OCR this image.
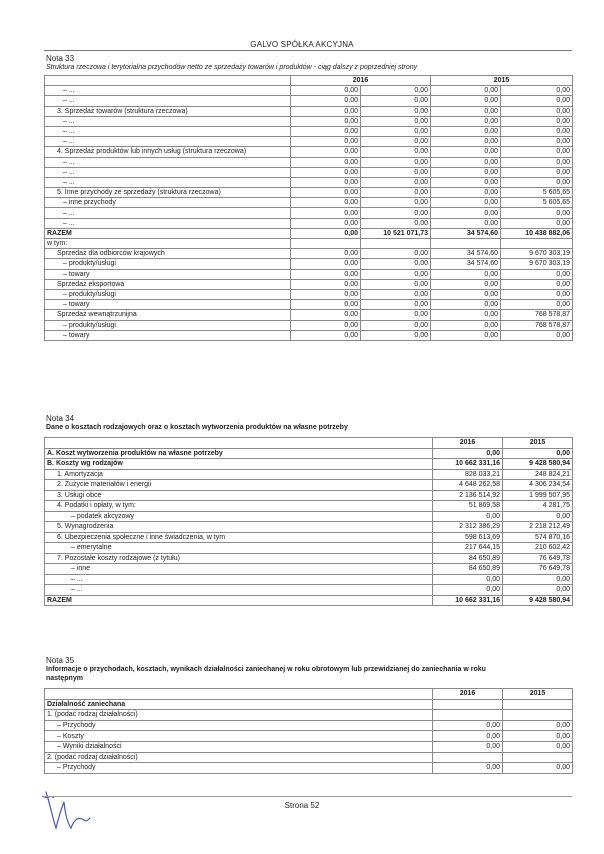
GALVO SPÓŁKA AKCYJNA
Nota 33
Struktura rzeczowa i terytorialna przychodów netto ze sprzedaży towarów i produktów - ciąg dalszy z poprzedniej strony
	2016		2015	
– ...	0,00	0,00	0,00	0,00
– ...	0,00	0,00	0,00	0,00
3. Sprzedaż towarów (struktura rzeczowa)	0,00	0,00	0,00	0,00
– ...	0,00	0,00	0,00	0,00
– ...	0,00	0,00	0,00	0,00
– ...	0,00	0,00	0,00	0,00
4. Sprzedaż produktów lub innych usług (struktura rzeczowa)	0,00	0,00	0,00	0,00
– ...	0,00	0,00	0,00	0,00
– ...	0,00	0,00	0,00	0,00
– ...	0,00	0,00	0,00	0,00
5. Inne przychody ze sprzedaży (struktura rzeczowa)	0,00	0,00	0,00	5 605,65
– inne przychody	0,00	0,00	0,00	5 605,65
– ...	0,00	0,00	0,00	0,00
– ...	0,00	0,00	0,00	0,00
RAZEM	0,00	10 521 071,73	34 574,60	10 438 882,06
w tym:				
Sprzedaż dla odbiorców krajowych	0,00	0,00	34 574,60	9 670 303,19
– produkty/usługi	0,00	0,00	34 574,60	9 670 303,19
– towary	0,00	0,00	0,00	0,00
Sprzedaż eksportowa	0,00	0,00	0,00	0,00
– produkty/usługi	0,00	0,00	0,00	0,00
– towary	0,00	0,00	0,00	0,00
Sprzedaż wewnątrzunijna	0,00	0,00	0,00	768 578,87
– produkty/usługi	0,00	0,00	0,00	768 578,87
– towary	0,00	0,00	0,00	0,00
Nota 34
Dane o kosztach rodzajowych oraz o kosztach wytworzenia produktów na własne potrzeby
	2016	2015
A. Koszt wytworzenia produktów na własne potrzeby	0,00	0,00
B. Koszty wg rodzajów	10 662 331,16	9 428 580,94
1. Amortyzacja	828 033,21	248 824,21
2. Zużycie materiałów i energii	4 648 262,58	4 306 234,54
3. Usługi obce	2 136 514,92	1 999 507,95
4. Podatki i opłaty, w tym:	51 869,58	4 281,75
– podatek akcyzowy	0,00	0,00
5. Wynagrodzenia	2 312 386,29	2 218 212,49
6. Ubezpieczenia społeczne i inne świadczenia, w tym	598 613,69	574 870,16
– emerytalne	217 644,15	210 602,42
7. Pozostałe koszty rodzajowe (z tytułu)	84 650,89	76 649,78
– inne	84 650,89	76 649,78
– ...	0,00	0,00
– ...	0,00	0,00
RAZEM	10 662 331,16	9 428 580,94
Nota 35
Informacje o przychodach, kosztach, wynikach działalności zaniechanej w roku obrotowym lub przewidzianej do zaniechania w roku
następnym
	2016	2015
Działalność zaniechana		
1. (podać rodzaj działalności)		
– Przychody	0,00	0,00
– Koszty	0,00	0,00
– Wyniki działalności	0,00	0,00
2. (podać rodzaj działalności)		
– Przychody	0,00	0,00
Strona 52
